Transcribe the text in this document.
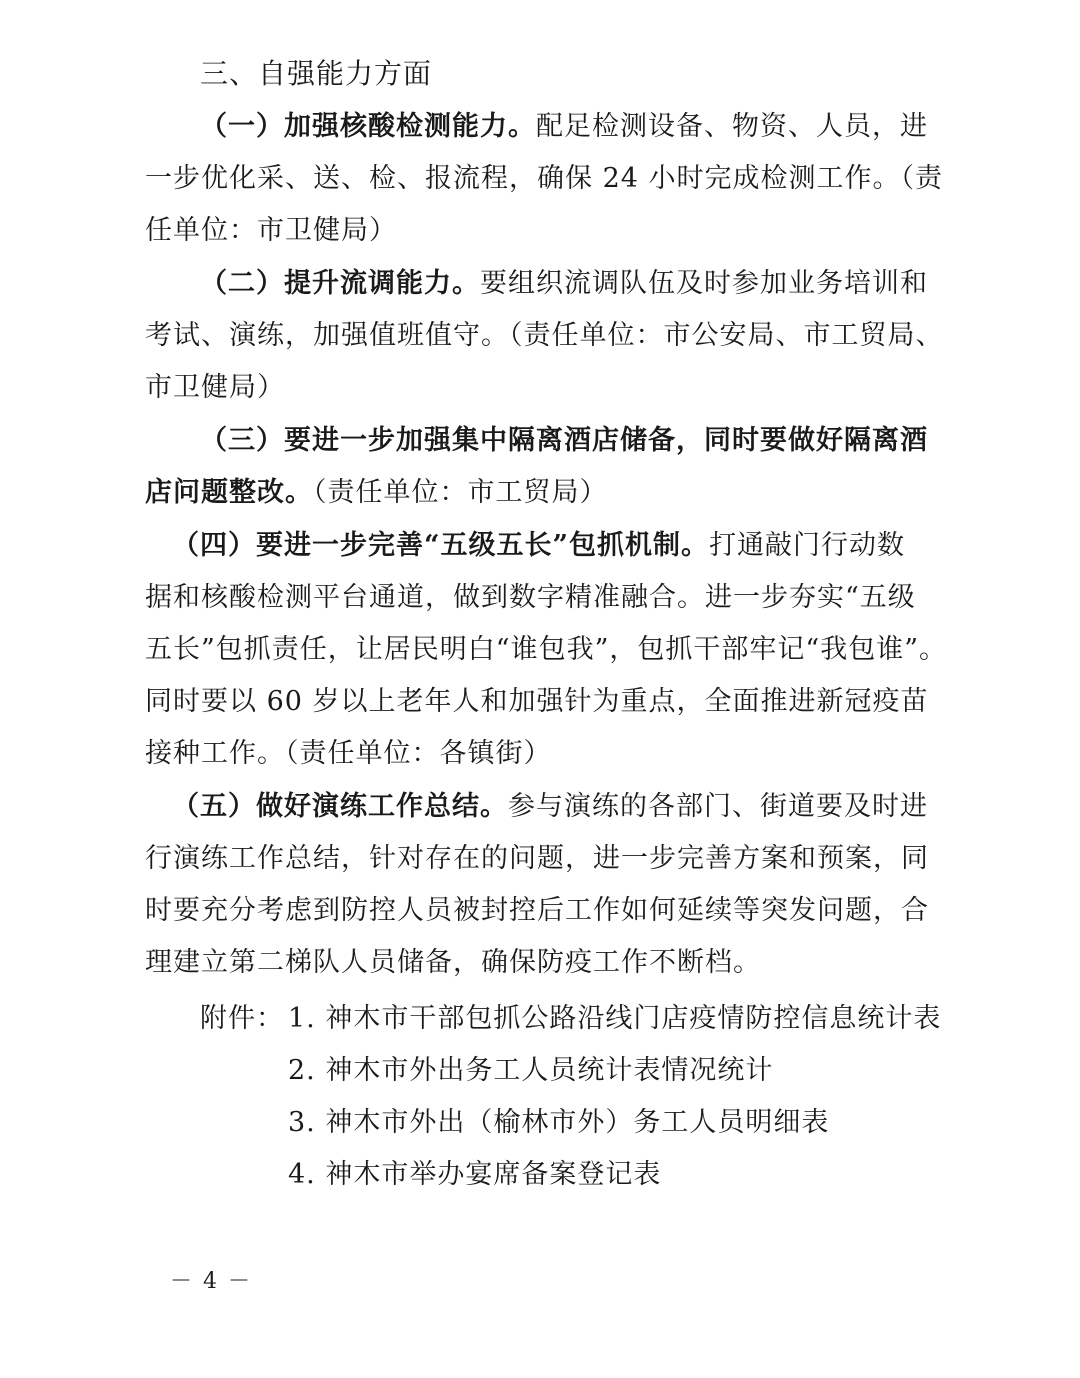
三、自强能力方面
（一）加强核酸检测能力。配足检测设备、物资、人员，进
一步优化采、送、检、报流程，确保 24 小时完成检测工作。（责
任单位：市卫健局）
（二）提升流调能力。要组织流调队伍及时参加业务培训和
考试、演练，加强值班值守。（责任单位：市公安局、市工贸局、
市卫健局）
（三）要进一步加强集中隔离酒店储备，同时要做好隔离酒
店问题整改。（责任单位：市工贸局）
（四）要进一步完善“五级五长”包抓机制。打通敲门行动数
据和核酸检测平台通道，做到数字精准融合。进一步夯实“五级
五长”包抓责任，让居民明白“谁包我”，包抓干部牢记“我包谁”。
同时要以 60 岁以上老年人和加强针为重点，全面推进新冠疫苗
接种工作。（责任单位：各镇街）
（五）做好演练工作总结。参与演练的各部门、街道要及时进
行演练工作总结，针对存在的问题，进一步完善方案和预案，同
时要充分考虑到防控人员被封控后工作如何延续等突发问题，合
理建立第二梯队人员储备，确保防疫工作不断档。
附件： 1. 神木市干部包抓公路沿线门店疫情防控信息统计表
2. 神木市外出务工人员统计表情况统计
3. 神木市外出（榆林市外）务工人员明细表
4. 神木市举办宴席备案登记表
－ 4 －
